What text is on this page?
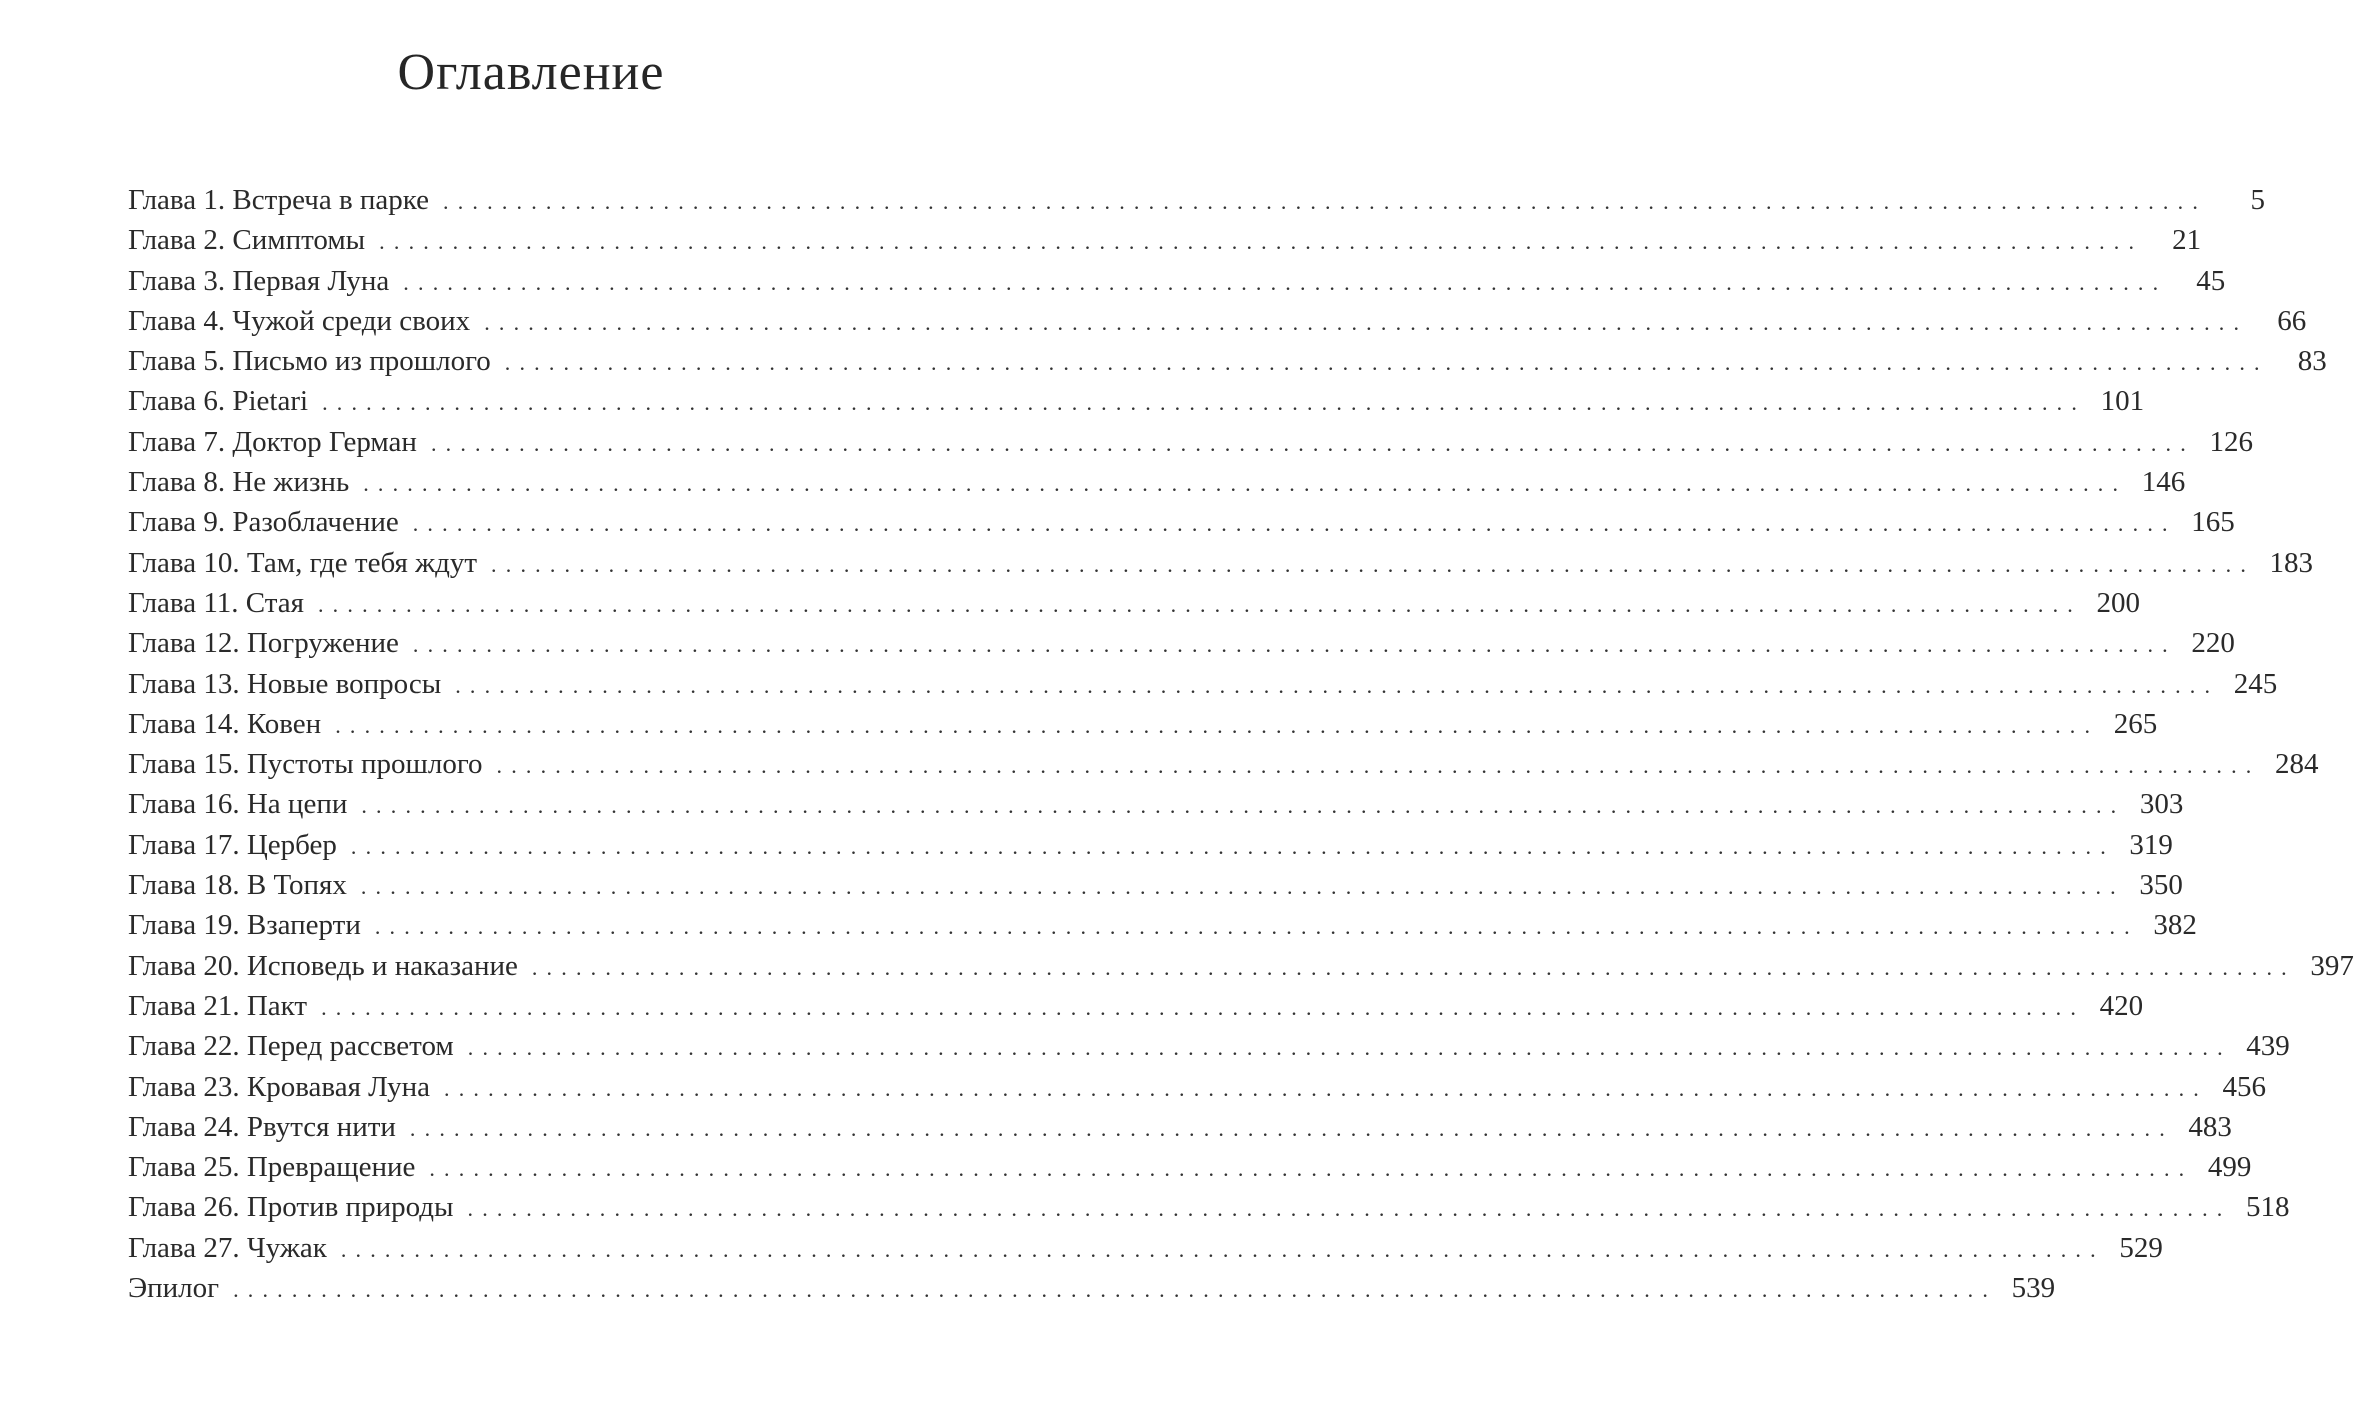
Оглавление
Глава 1. Встреча в парке ........................................................................................................................	5
Глава 2. Симптомы ........................................................................................................................	21
Глава 3. Первая Луна ........................................................................................................................	45
Глава 4. Чужой среди своих ........................................................................................................................	66
Глава 5. Письмо из прошлого ........................................................................................................................	83
Глава 6. Pietari ........................................................................................................................ 101
Глава 7. Доктор Герман ........................................................................................................................ 126
Глава 8. Не жизнь ........................................................................................................................ 146
Глава 9. Разоблачение ........................................................................................................................ 165
Глава 10. Там, где тебя ждут ........................................................................................................................ 183
Глава 11. Стая ........................................................................................................................ 200
Глава 12. Погружение ........................................................................................................................ 220
Глава 13. Новые вопросы ........................................................................................................................ 245
Глава 14. Ковен ........................................................................................................................ 265
Глава 15. Пустоты прошлого ........................................................................................................................ 284
Глава 16. На цепи ........................................................................................................................ 303
Глава 17. Цербер ........................................................................................................................ 319
Глава 18. В Топях ........................................................................................................................ 350
Глава 19. Взаперти ........................................................................................................................ 382
Глава 20. Исповедь и наказание ........................................................................................................................ 397
Глава 21. Пакт ........................................................................................................................ 420
Глава 22. Перед рассветом ........................................................................................................................ 439
Глава 23. Кровавая Луна ........................................................................................................................ 456
Глава 24. Рвутся нити ........................................................................................................................ 483
Глава 25. Превращение ........................................................................................................................ 499
Глава 26. Против природы ........................................................................................................................ 518
Глава 27. Чужак ........................................................................................................................ 529
Эпилог ........................................................................................................................ 539
